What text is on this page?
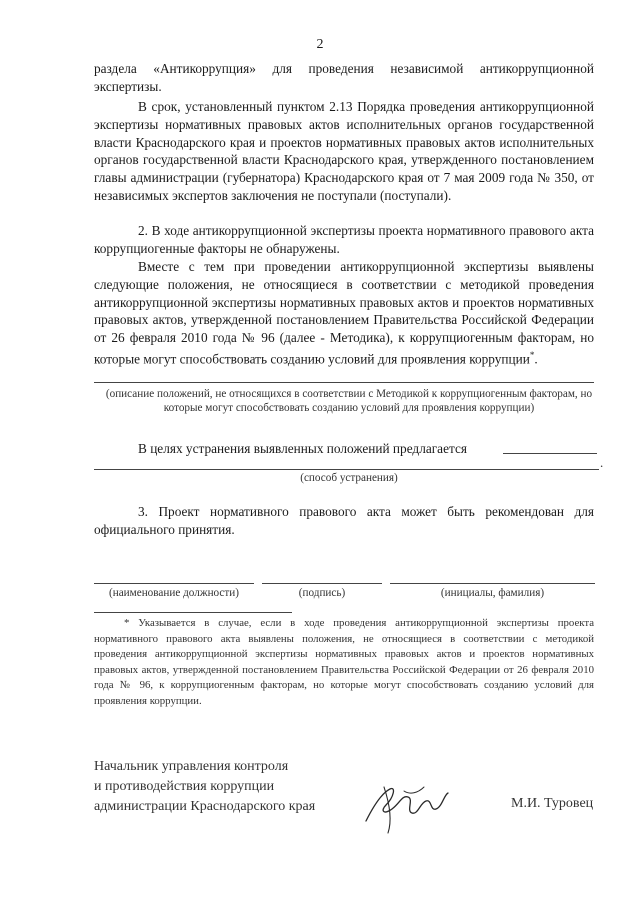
2

раздела «Антикоррупция» для проведения независимой антикоррупционной экспертизы.

В срок, установленный пунктом 2.13 Порядка проведения антикоррупционной экспертизы нормативных правовых актов исполнительных органов государственной власти Краснодарского края и проектов нормативных правовых актов исполнительных органов государственной власти Краснодарского края, утвержденного постановлением главы администрации (губернатора) Краснодарского края от 7 мая 2009 года № 350, от независимых экспертов заключения не поступали (поступали).

2. В ходе антикоррупционной экспертизы проекта нормативного правового акта коррупциогенные факторы не обнаружены.

Вместе с тем при проведении антикоррупционной экспертизы выявлены следующие положения, не относящиеся в соответствии с методикой проведения антикоррупционной экспертизы нормативных правовых актов и проектов нормативных правовых актов, утвержденной постановлением Правительства Российской Федерации от 26 февраля 2010 года № 96 (далее - Методика), к коррупциогенным факторам, но которые могут способствовать созданию условий для проявления коррупции*.

(описание положений, не относящихся в соответствии с Методикой к коррупциогенным факторам, но которые могут способствовать созданию условий для проявления коррупции)

В целях устранения выявленных положений предлагается

.
(способ устранения)

3. Проект нормативного правового акта может быть рекомендован для официального принятия.

(наименование должности)	(подпись)	(инициалы, фамилия)
* Указывается в случае, если в ходе проведения антикоррупционной экспертизы проекта нормативного правового акта выявлены положения, не относящиеся в соответствии с методикой проведения антикоррупционной экспертизы нормативных правовых актов и проектов нормативных правовых актов, утвержденной постановлением Правительства Российской Федерации от 26 февраля 2010 года № 96, к коррупциогенным факторам, но которые могут способствовать созданию условий для проявления коррупции.
Начальник управления контроля
и противодействия коррупции
администрации Краснодарского края	М.И. Туровец
